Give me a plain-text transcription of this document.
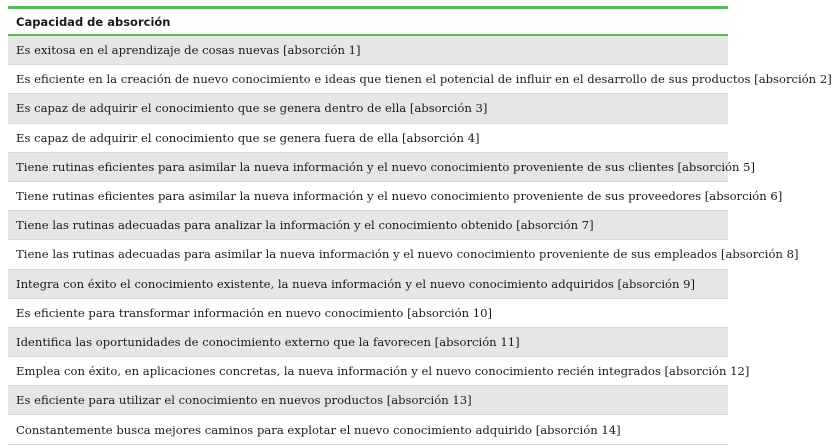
Capacidad de absorción
Es exitosa en el aprendizaje de cosas nuevas [absorción 1]
Es eficiente en la creación de nuevo conocimiento e ideas que tienen el potencial de influir en el desarrollo de sus productos [absorción 2]
Es capaz de adquirir el conocimiento que se genera dentro de ella [absorción 3]
Es capaz de adquirir el conocimiento que se genera fuera de ella [absorción 4]
Tiene rutinas eficientes para asimilar la nueva información y el nuevo conocimiento proveniente de sus clientes [absorción 5]
Tiene rutinas eficientes para asimilar la nueva información y el nuevo conocimiento proveniente de sus proveedores [absorción 6]
Tiene las rutinas adecuadas para analizar la información y el conocimiento obtenido [absorción 7]
Tiene las rutinas adecuadas para asimilar la nueva información y el nuevo conocimiento proveniente de sus empleados [absorción 8]
Integra con éxito el conocimiento existente, la nueva información y el nuevo conocimiento adquiridos [absorción 9]
Es eficiente para transformar información en nuevo conocimiento [absorción 10]
Identifica las oportunidades de conocimiento externo que la favorecen [absorción 11]
Emplea con éxito, en aplicaciones concretas, la nueva información y el nuevo conocimiento recién integrados [absorción 12]
Es eficiente para utilizar el conocimiento en nuevos productos [absorción 13]
Constantemente busca mejores caminos para explotar el nuevo conocimiento adquirido [absorción 14]
